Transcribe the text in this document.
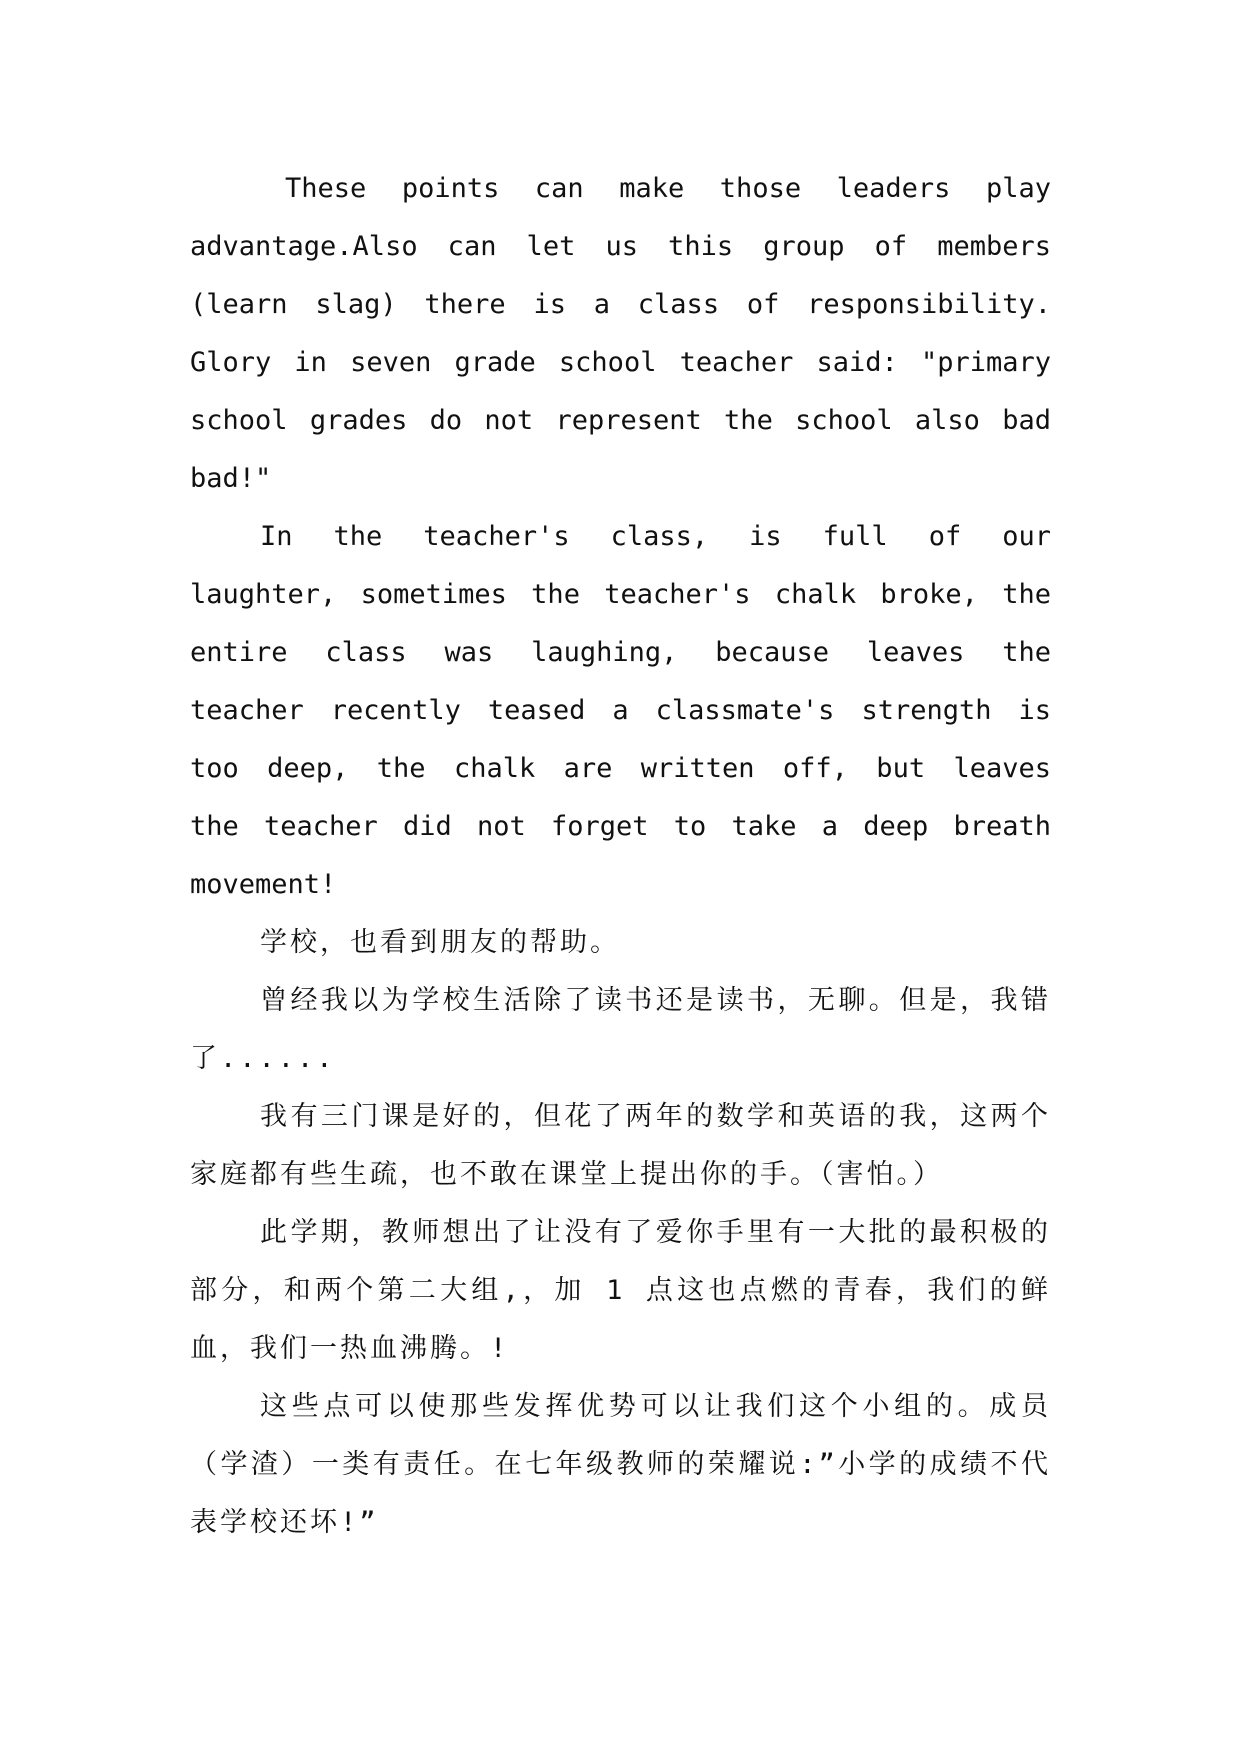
These points can make those leaders play advantage.Also can let us this group of members (learn slag) there is a class of responsibility. Glory in seven grade school teacher said: "primary school grades do not represent the school also bad bad!"

In the teacher's class, is full of our laughter, sometimes the teacher's chalk broke, the entire class was laughing, because leaves the teacher recently teased a classmate's strength is too deep, the chalk are written off, but leaves the teacher did not forget to take a deep breath movement!

学校，也看到朋友的帮助。

曾经我以为学校生活除了读书还是读书，无聊。但是，我错了......

我有三门课是好的，但花了两年的数学和英语的我，这两个家庭都有些生疏，也不敢在课堂上提出你的手。（害怕。）

此学期，教师想出了让没有了爱你手里有一大批的最积极的部分，和两个第二大组,，加 1 点这也点燃的青春，我们的鲜血，我们一热血沸腾。!

这些点可以使那些发挥优势可以让我们这个小组的。成员（学渣）一类有责任。在七年级教师的荣耀说:”小学的成绩不代表学校还坏!”
